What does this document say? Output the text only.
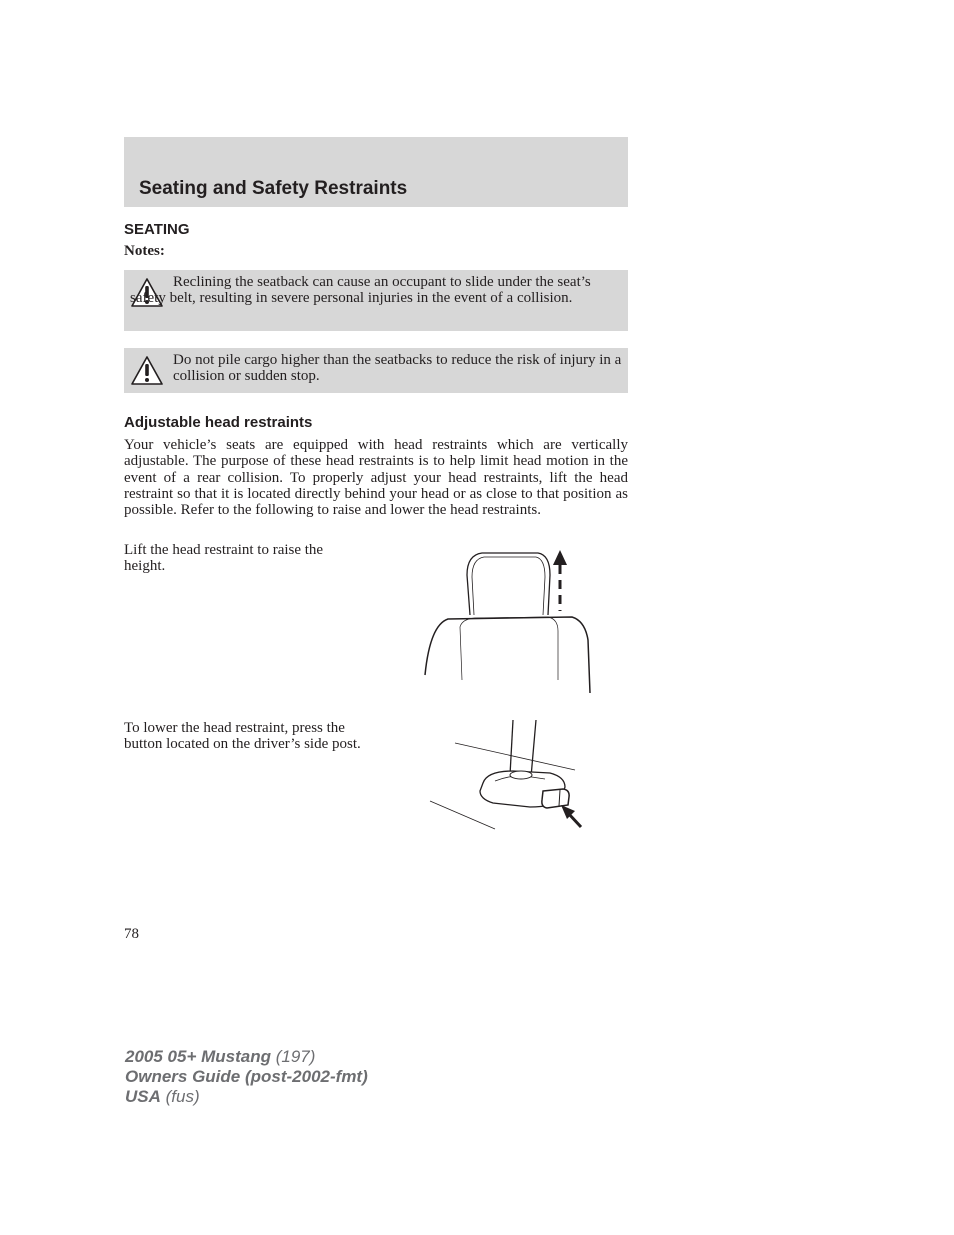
Seating and Safety Restraints
SEATING
Notes:
Reclining the seatback can cause an occupant to slide under the seat’s safety belt, resulting in severe personal injuries in the event of a collision.
Do not pile cargo higher than the seatbacks to reduce the risk of injury in a collision or sudden stop.
Adjustable head restraints
Your vehicle’s seats are equipped with head restraints which are vertically adjustable. The purpose of these head restraints is to help limit head motion in the event of a rear collision. To properly adjust your head restraints, lift the head restraint so that it is located directly behind your head or as close to that position as possible. Refer to the following to raise and lower the head restraints.
Lift the head restraint to raise the height.
To lower the head restraint, press the button located on the driver’s side post.
78
2005 05+ Mustang (197)
Owners Guide (post-2002-fmt)
USA (fus)
